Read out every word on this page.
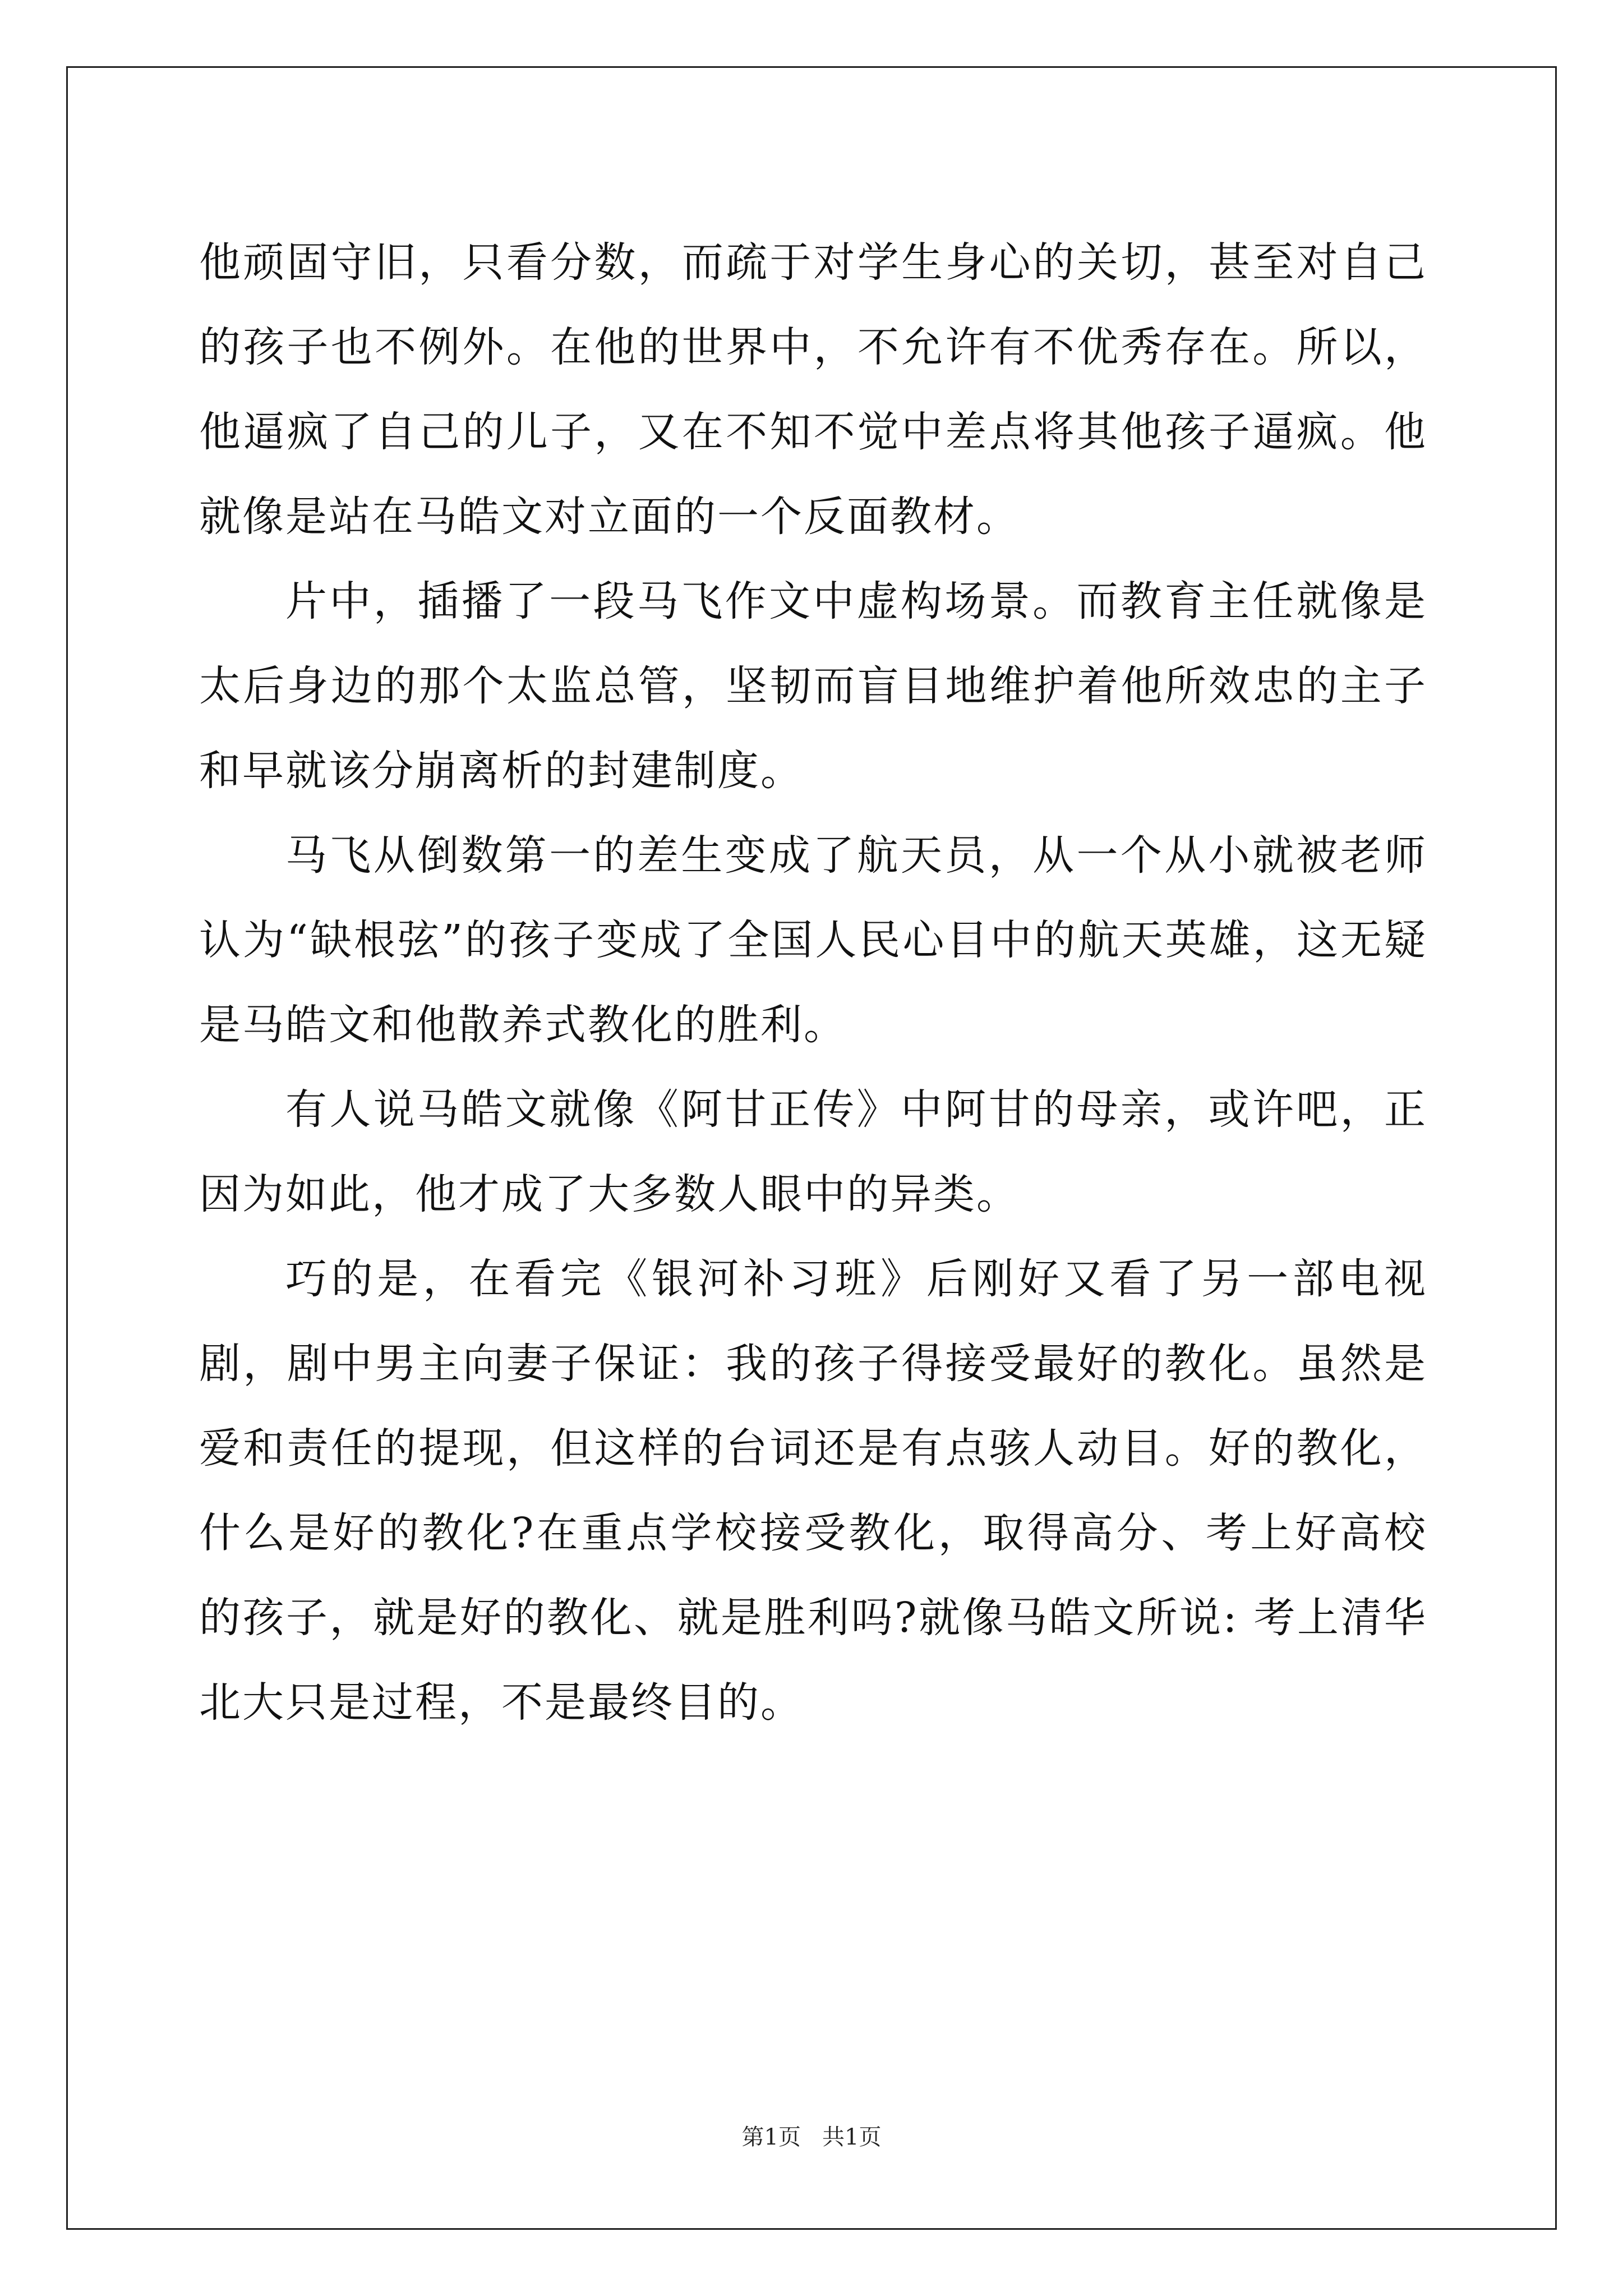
他顽固守旧，只看分数，而疏于对学生身心的关切，甚至对自己的孩子也不例外。在他的世界中，不允许有不优秀存在。所以，他逼疯了自己的儿子，又在不知不觉中差点将其他孩子逼疯。他就像是站在马皓文对立面的一个反面教材。

片中，插播了一段马飞作文中虚构场景。而教育主任就像是太后身边的那个太监总管，坚韧而盲目地维护着他所效忠的主子和早就该分崩离析的封建制度。

马飞从倒数第一的差生变成了航天员，从一个从小就被老师认为“缺根弦”的孩子变成了全国人民心目中的航天英雄，这无疑是马皓文和他散养式教化的胜利。

有人说马皓文就像《阿甘正传》中阿甘的母亲，或许吧，正因为如此，他才成了大多数人眼中的异类。

巧的是，在看完《银河补习班》后刚好又看了另一部电视剧，剧中男主向妻子保证：我的孩子得接受最好的教化。虽然是爱和责任的提现，但这样的台词还是有点骇人动目。好的教化，什么是好的教化?在重点学校接受教化，取得高分、考上好高校的孩子，就是好的教化、就是胜利吗?就像马皓文所说: 考上清华北大只是过程，不是最终目的。

第1页 共1页
